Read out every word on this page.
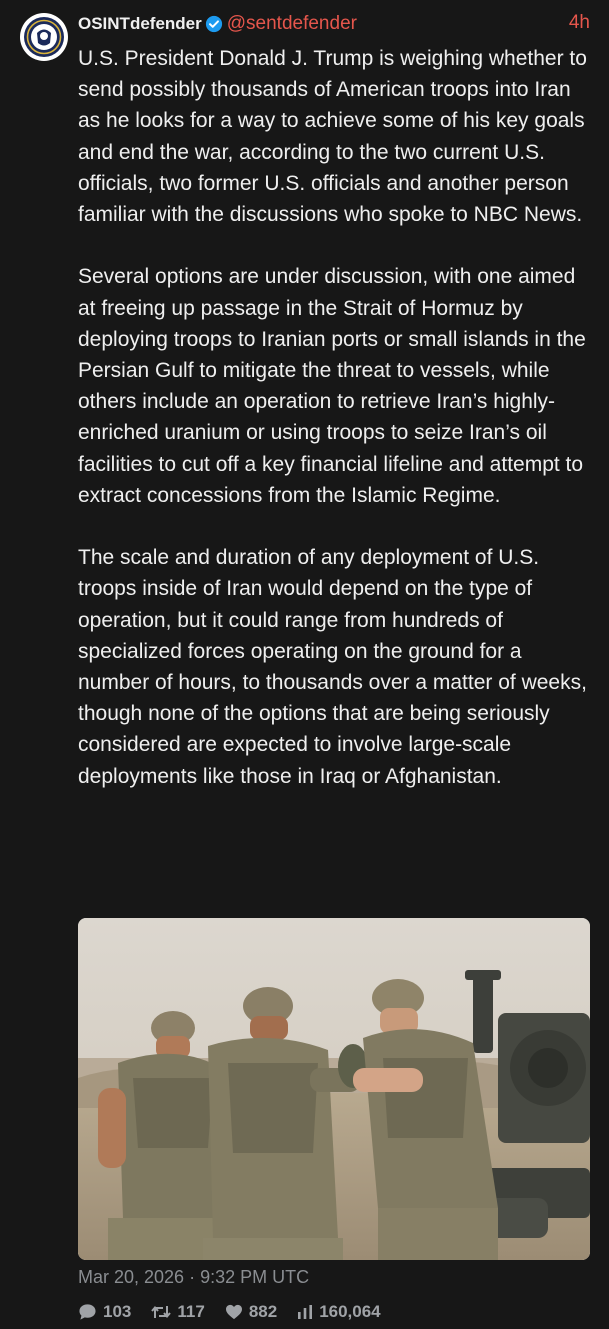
OSINTdefender @sentdefender	4h

U.S. President Donald J. Trump is weighing whether to send possibly thousands of American troops into Iran as he looks for a way to achieve some of his key goals and end the war, according to the two current U.S. officials, two former U.S. officials and another person familiar with the discussions who spoke to NBC News.

Several options are under discussion, with one aimed at freeing up passage in the Strait of Hormuz by deploying troops to Iranian ports or small islands in the Persian Gulf to mitigate the threat to vessels, while others include an operation to retrieve Iran’s highly-enriched uranium or using troops to seize Iran’s oil facilities to cut off a key financial lifeline and attempt to extract concessions from the Islamic Regime.

The scale and duration of any deployment of U.S. troops inside of Iran would depend on the type of operation, but it could range from hundreds of specialized forces operating on the ground for a number of hours, to thousands over a matter of weeks, though none of the options that are being seriously considered are expected to involve large-scale deployments like those in Iraq or Afghanistan.

Mar 20, 2026 · 9:32 PM UTC
103	117	882 160,064
